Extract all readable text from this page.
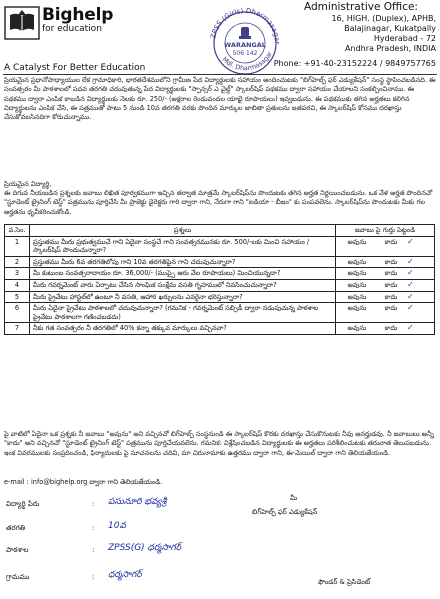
Bighelp
for education
A Catalyst For Better Education
ZPSS (Girls) Dharmasagar
Mdl. Dharmasagar
WARANGAL
506 142
Administrative Office:
16, HIGH. (Duplex), APHB,
Balajinagar, Kukatpally
Hyderabad - 72
Andhra Pradesh, INDIA
Phone: +91-40-23152224 / 9849757765
ప్రియమైన ప్రధానోపాధ్యాయుల లేక గ్రామాధికారి, భారతదేశములోని గ్రామీణ పేద విద్యార్థులకు సహాయం అందించుటకు "బిగ్‌హెల్ప్ ఫర్ ఎడ్యుకేషన్" సంస్థ స్థాపించబడినది. ఈ సంవత్సరం మీ పాఠశాలలో పదవ తరగతి చదువుతున్న పేద విద్యార్థులకు "స్పాన్సర్ ఎ చైల్డ్" స్కాలర్‌షిప్ పథకము ద్వారా సహాయం చేయాలని సంకల్పించినాము. ఈ పథకము ద్వారా ఎంపిక కాబడిన విద్యార్థులకు నెలకు రూ. 250/- (అక్షరాల రెండువందల యాభై రూపాయలు) ఇవ్వబడును. ఈ పథకముకు తగిన అర్హతలు కలిగిన విద్యార్థులను ఎంపిక చేసి, ఈ పత్రముతో పాటు 5 నుండి 10వ తరగతి వరకు పొందిన మార్కుల జాబితా ప్రతులను జతపరచి, ఈ స్కాలర్‌షిప్ కోసము దరఖాస్తు చేసుకోవలసినదిగా కోరుచున్నాము.
ప్రియమైన విద్యార్థి,
ఈ దిగువ నీయబడిన ప్రశ్నలకు జవాబు లిఖిత పూర్వకముగా ఇచ్చిన తర్వాత మాత్రమే స్కాలర్‌షిప్‌ను పొందుటకు తగిన అర్హత నిర్ణయించబడును. ఒక వేళ అర్హత పొందినచో "స్టూడెంట్ ట్రైనింగ్ టెస్ట్" పత్రమును పూర్తిచేసి మీ ప్రాజెక్టు డైరెక్టరు గారి ద్వారా గాని, నేరుగా గాని "ఐడియా - బీజం" కు పంపవలెను. స్కాలర్‌షిప్‌ను పొందుటకు మీకు గల అర్హతను ధృవీకరించుకోండి.
వ.సెం.	ప్రశ్నలు	జవాబు పై గుర్తు పెట్టండి
1	ప్రస్తుతము మీరు ప్రభుత్వముచే గాని ఏదైనా సంస్థచే గాని సంవత్సరమునకు రూ. 500/-లకు మించి సహాయం / స్కాలర్‌షిప్ పొందుచున్నారా?	అవును కాదు ✓
2	ప్రస్తుతము మీరు 6వ తరగతిలోపు గాని 10వ తరగతిపైన గాని చదువుచున్నారా?	అవును కాదు ✓
3	మీ కుటుంబ సంవత్సరాదాయం రూ. 36,000/- (ముప్పై ఆరు వేల రూపాయలు) మించియున్నదా?	అవును కాదు ✓
4	మీరు గవర్నమెంట్ వారు ఏర్పాటు చేసిన సాంఘిక సంక్షేమ వసతి గృహములో నివసించుచున్నారా?	అవును కాదు ✓
5	మీరు ప్రైవేటు హాస్టల్‌లో ఉంటూ నీ వసతి, ఆహార ఖర్చులను ఎవరైనా భరిస్తున్నారా?	అవును కాదు ✓
6	మీరు ఏదైనా ప్రైవేటు పాఠశాలలో చదువుచున్నారా? (గమనిక - గవర్నమెంట్ సబ్సిడీ ద్వారా నడుపుచున్న పాఠశాల ప్రైవేటు పాఠశాలగా గణించబడదు)	అవును కాదు ✓
7	నీకు గత సంవత్సరం నీ తరగతిలో 40% కన్నా తక్కువ మార్కులు వచ్చినవా?	అవును కాదు ✓
పై వాటిలో ఏదైనా ఒక ప్రశ్నకు నీ జవాబు "అవును" అని వచ్చినచో బిగ్‌హెల్ప్ సంస్థనుండి ఈ స్కాలర్‌షిప్ కొరకు దరఖాస్తు చేసుకొనుటకు నీవు అనర్హుడవు. నీ జవాబులు అన్నీ "కాదు" అని వచ్చినచో "స్టూడెంట్ ట్రైనింగ్ టెస్ట్" పత్రమును పూర్తిచేయవలెను. గమనిక: విశ్లేషించబడిన విద్యార్థులకు ఈ అర్హతలు పరిశీలించుటకు తరువాత తెలుపబడును. ఇంక వివరములకు సంప్రదించండి, ఫిర్యాదులకు పై సూచనలను చదివి, మా చిరునామాకు ఉత్తరము ద్వారా గాని, ఈ-మెయిల్ ద్వారా గాని తెలియజేయండి.
e-mail : info@bighelp.org ద్వారా గాని తెలియజేయండి.
విద్యార్థి పేరు	: పసునూరి భవ్యశ్రీ
తరగతి	: 10వ
పాఠశాల	: ZPSS(G) ధర్మసాగర్
గ్రామము	: ధర్మసాగర్
మీ
బిగ్‌హెల్ప్ ఫర్ ఎడ్యుకేషన్
ఫౌండర్ & ప్రెసిడెంట్
